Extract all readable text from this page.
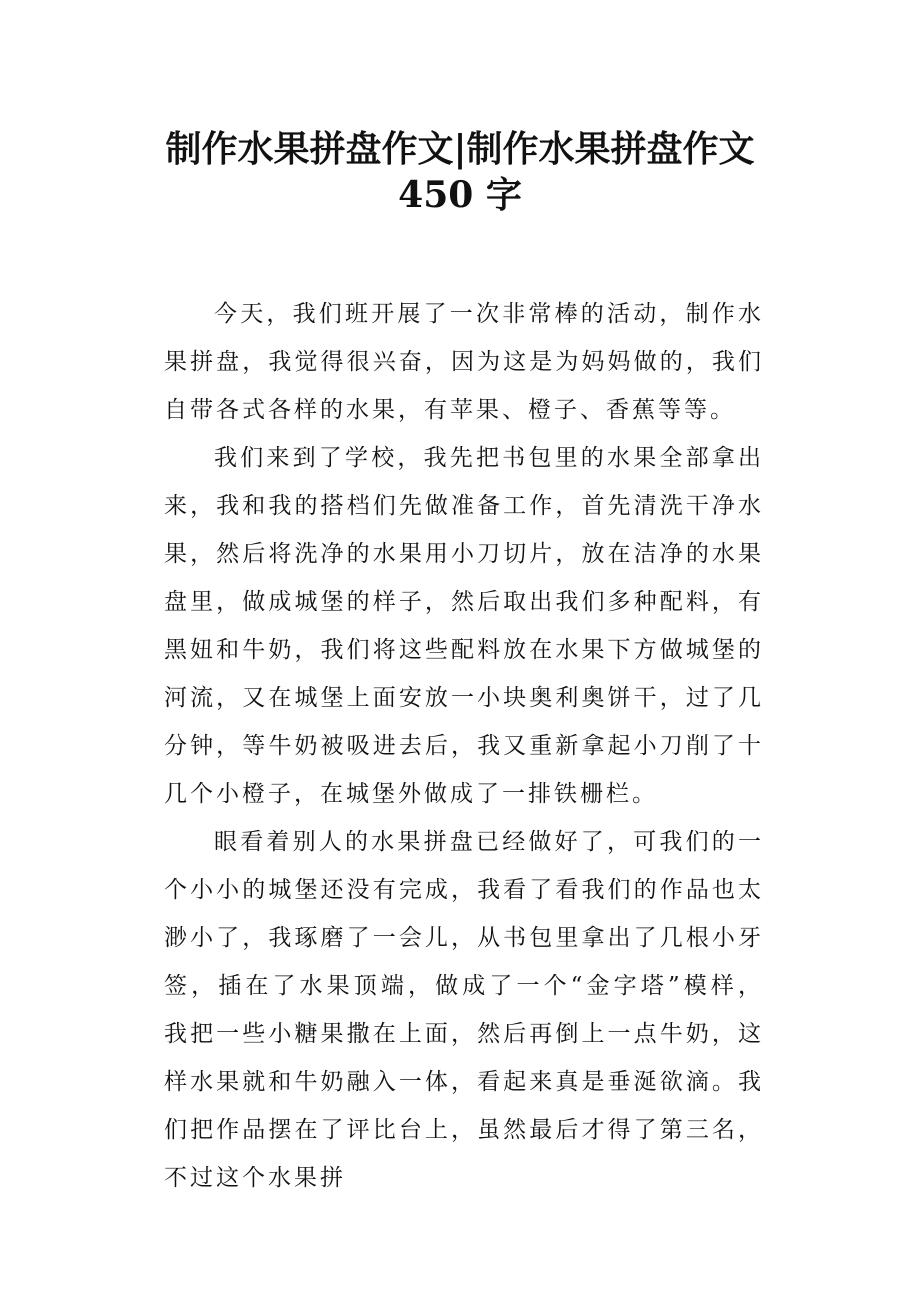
制作水果拼盘作文|制作水果拼盘作文
450 字

今天，我们班开展了一次非常棒的活动，制作水果拼盘，我觉得很兴奋，因为这是为妈妈做的，我们自带各式各样的水果，有苹果、橙子、香蕉等等。

我们来到了学校，我先把书包里的水果全部拿出来，我和我的搭档们先做准备工作，首先清洗干净水果，然后将洗净的水果用小刀切片，放在洁净的水果盘里，做成城堡的样子，然后取出我们多种配料，有黑妞和牛奶，我们将这些配料放在水果下方做城堡的河流，又在城堡上面安放一小块奥利奥饼干，过了几分钟，等牛奶被吸进去后，我又重新拿起小刀削了十几个小橙子，在城堡外做成了一排铁栅栏。

眼看着别人的水果拼盘已经做好了，可我们的一个小小的城堡还没有完成，我看了看我们的作品也太渺小了，我琢磨了一会儿，从书包里拿出了几根小牙签，插在了水果顶端，做成了一个“金字塔”模样，我把一些小糖果撒在上面，然后再倒上一点牛奶，这样水果就和牛奶融入一体，看起来真是垂涎欲滴。我们把作品摆在了评比台上，虽然最后才得了第三名，不过这个水果拼
